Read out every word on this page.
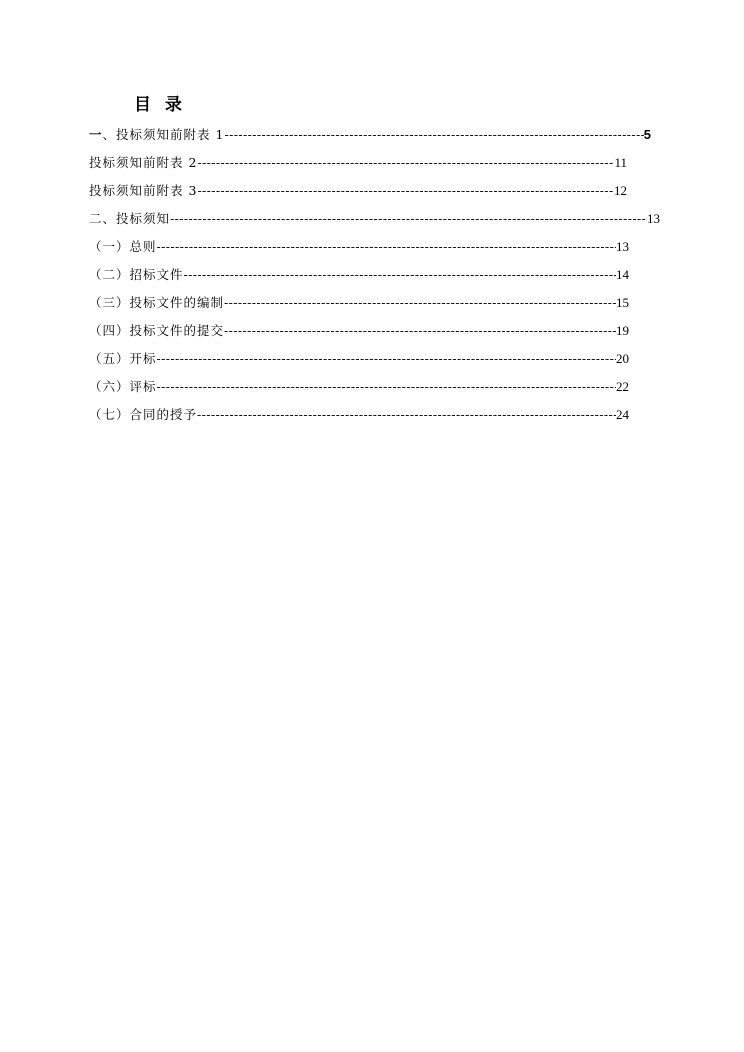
目 录
一、投标须知前附表 1 -----	5
投标须知前附表 2 -----	11
投标须知前附表 3 -----	12
二、投标须知 -----	13
（一）总则 -----	13
（二）招标文件 -----	14
（三）投标文件的编制 -----	15
（四）投标文件的提交 -----	19
（五）开标 -----	20
（六）评标 -----	22
（七）合同的授予 -----	24
